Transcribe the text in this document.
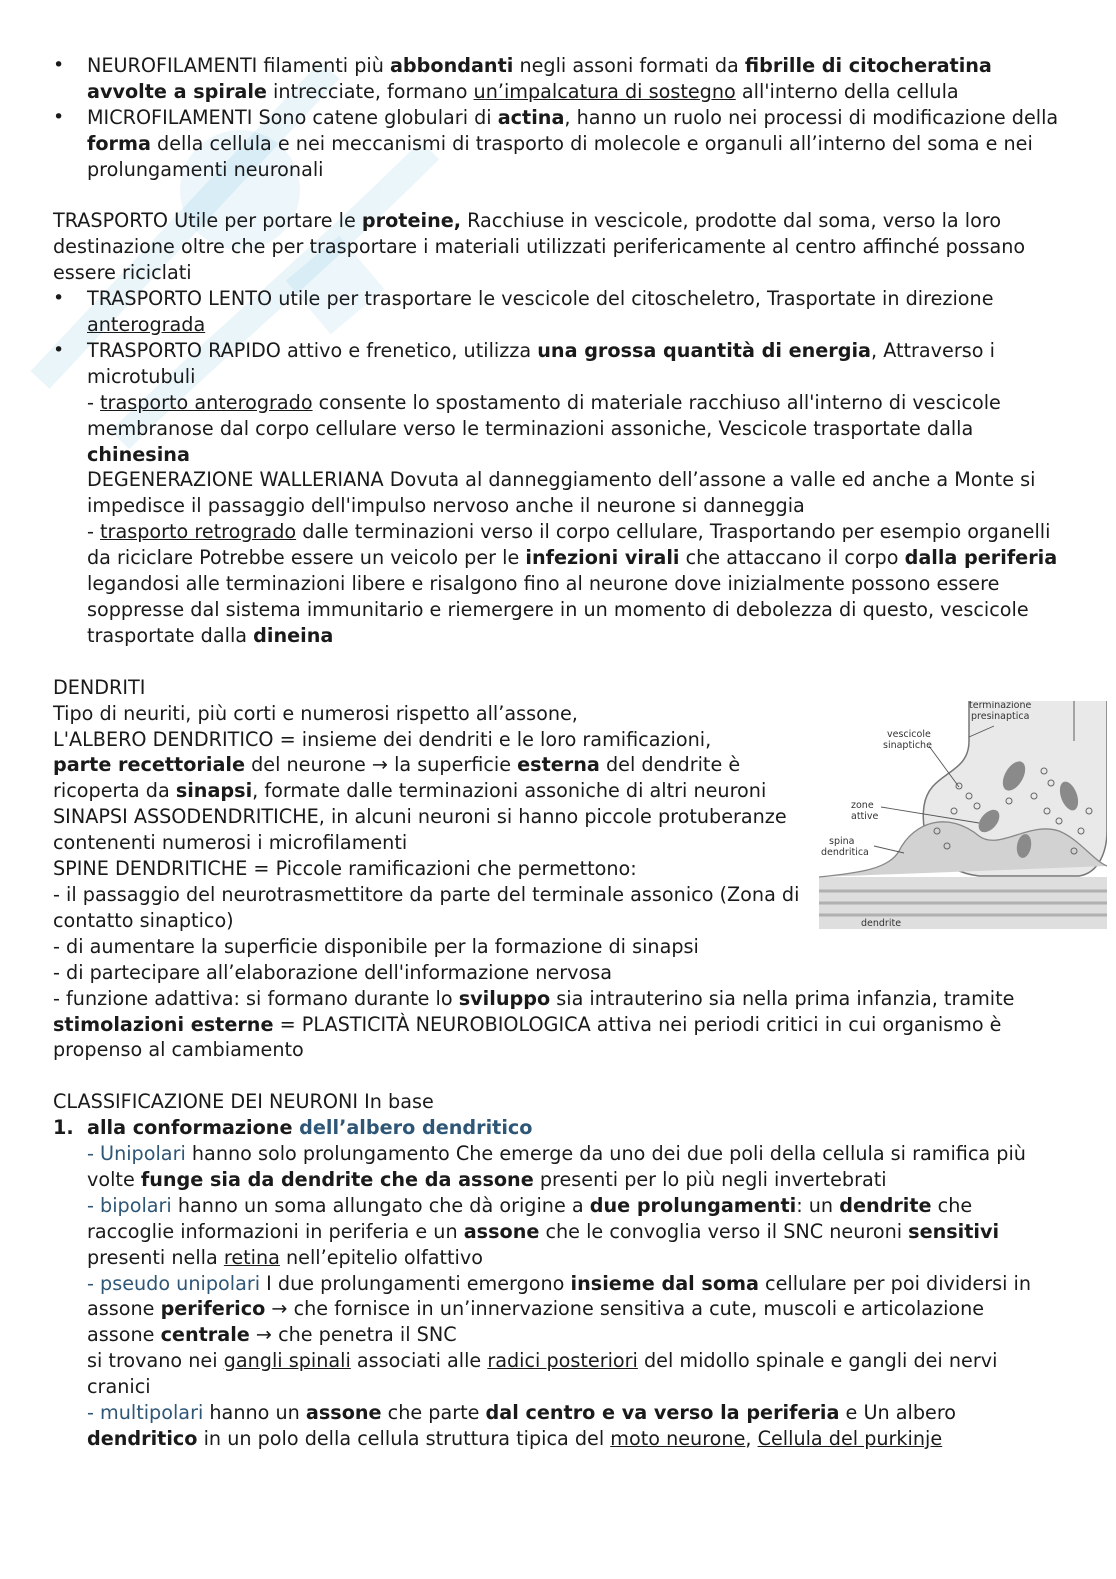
• NEUROFILAMENTI filamenti più abbondanti negli assoni formati da fibrille di citocheratina avvolte a spirale intrecciate, formano un’impalcatura di sostegno all'interno della cellula
• MICROFILAMENTI Sono catene globulari di actina, hanno un ruolo nei processi di modificazione della forma della cellula e nei meccanismi di trasporto di molecole e organuli all’interno del soma e nei prolungamenti neuronali

TRASPORTO Utile per portare le proteine, Racchiuse in vescicole, prodotte dal soma, verso la loro destinazione oltre che per trasportare i materiali utilizzati perifericamente al centro affinché possano essere riciclati

• TRASPORTO LENTO utile per trasportare le vescicole del citoscheletro, Trasportate in direzione anterograda
• TRASPORTO RAPIDO attivo e frenetico, utilizza una grossa quantità di energia, Attraverso i microtubuli
- trasporto anterogrado consente lo spostamento di materiale racchiuso all'interno di vescicole membranose dal corpo cellulare verso le terminazioni assoniche, Vescicole trasportate dalla chinesina
DEGENERAZIONE WALLERIANA Dovuta al danneggiamento dell’assone a valle ed anche a Monte si impedisce il passaggio dell'impulso nervoso anche il neurone si danneggia
- trasporto retrogrado dalle terminazioni verso il corpo cellulare, Trasportando per esempio organelli da riciclare Potrebbe essere un veicolo per le infezioni virali che attaccano il corpo dalla periferia legandosi alle terminazioni libere e risalgono fino al neurone dove inizialmente possono essere soppresse dal sistema immunitario e riemergere in un momento di debolezza di questo, vescicole trasportate dalla dineina

DENDRITI

Tipo di neuriti, più corti e numerosi rispetto all’assone,

L'ALBERO DENDRITICO = insieme dei dendriti e le loro ramificazioni,

parte recettoriale del neurone → la superficie esterna del dendrite è ricoperta da sinapsi, formate dalle terminazioni assoniche di altri neuroni SINAPSI ASSODENDRITICHE, in alcuni neuroni si hanno piccole protuberanze contenenti numerosi i microfilamenti

SPINE DENDRITICHE = Piccole ramificazioni che permettono:

- il passaggio del neurotrasmettitore da parte del terminale assonico (Zona di contatto sinaptico)

- di aumentare la superficie disponibile per la formazione di sinapsi

- di partecipare all’elaborazione dell'informazione nervosa

- funzione adattiva: si formano durante lo sviluppo sia intrauterino sia nella prima infanzia, tramite stimolazioni esterne = PLASTICITÀ NEUROBIOLOGICA attiva nei periodi critici in cui organismo è propenso al cambiamento

terminazione
presinaptica
vescicole
sinaptiche
zone
attive
spina
dendritica
dendrite

CLASSIFICAZIONE DEI NEURONI In base

1. alla conformazione dell’albero dendritico
- Unipolari hanno solo prolungamento Che emerge da uno dei due poli della cellula si ramifica più volte funge sia da dendrite che da assone presenti per lo più negli invertebrati
- bipolari hanno un soma allungato che dà origine a due prolungamenti: un dendrite che raccoglie informazioni in periferia e un assone che le convoglia verso il SNC neuroni sensitivi presenti nella retina nell’epitelio olfattivo
- pseudo unipolari I due prolungamenti emergono insieme dal soma cellulare per poi dividersi in
assone periferico → che fornisce in un’innervazione sensitiva a cute, muscoli e articolazione
assone centrale → che penetra il SNC
si trovano nei gangli spinali associati alle radici posteriori del midollo spinale e gangli dei nervi cranici
- multipolari hanno un assone che parte dal centro e va verso la periferia e Un albero dendritico in un polo della cellula struttura tipica del moto neurone, Cellula del purkinje
